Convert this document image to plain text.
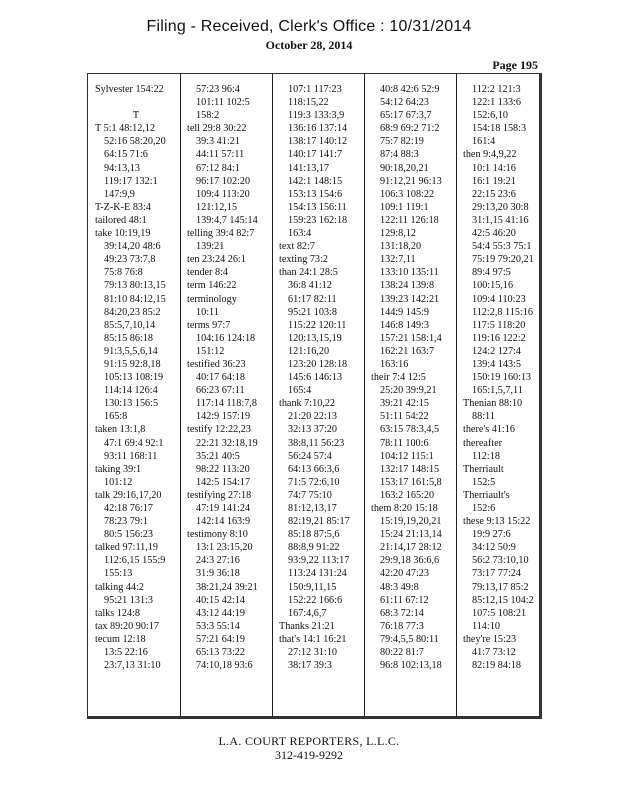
Filing - Received, Clerk's Office : 10/31/2014
October 28, 2014
Page 195
Sylvester 154:22
T
T 5:1 48:12,12
52:16 58:20,20
64:15 71:6
94:13,13
119:17 132:1
147:9,9
T-Z-K-E 83:4
tailored 48:1
take 10:19,19
39:14,20 48:6
49:23 73:7,8
75:8 76:8
79:13 80:13,15
81:10 84:12,15
84:20,23 85:2
85:5,7,10,14
85:15 86:18
91:3,5,5,6,14
91:15 92:8,18
105:13 108:19
114:14 126:4
130:13 156:5
165:8
taken 13:1,8
47:1 69:4 92:1
93:11 168:11
taking 39:1
101:12
talk 29:16,17,20
42:18 76:17
78:23 79:1
80:5 156:23
talked 97:11,19
112:6,15 155:9
155:13
talking 44:2
95:21 131:3
talks 124:8
tax 89:20 90:17
tecum 12:18
13:5 22:16
23:7,13 31:10
57:23 96:4
101:11 102:5
158:2
tell 29:8 30:22
39:3 41:21
44:11 57:11
67:12 84:1
96:17 102:20
109:4 113:20
121:12,15
139:4,7 145:14
telling 39:4 82:7
139:21
ten 23:24 26:1
tender 8:4
term 146:22
terminology
10:11
terms 97:7
104:16 124:18
151:12
testified 36:23
40:17 64:18
66:23 67:11
117:14 118:7,8
142:9 157:19
testify 12:22,23
22:21 32:18,19
35:21 40:5
98:22 113:20
142:5 154:17
testifying 27:18
47:19 141:24
142:14 163:9
testimony 8:10
13:1 23:15,20
24:3 27:16
31:9 36:18
38:21,24 39:21
40:15 42:14
43:12 44:19
53:3 55:14
57:21 64:19
65:13 73:22
74:10,18 93:6
107:1 117:23
118:15,22
119:3 133:3,9
136:16 137:14
138:17 140:12
140:17 141:7
141:13,17
142:1 148:15
153:13 154:6
154:13 156:11
159:23 162:18
163:4
text 82:7
texting 73:2
than 24:1 28:5
36:8 41:12
61:17 82:11
95:21 103:8
115:22 120:11
120:13,15,19
121:16,20
123:20 128:18
145:6 146:13
165:4
thank 7:10,22
21:20 22:13
32:13 37:20
38:8,11 56:23
56:24 57:4
64:13 66:3,6
71:5 72:6,10
74:7 75:10
81:12,13,17
82:19,21 85:17
85:18 87:5,6
88:8,9 91:22
93:9,22 113:17
113:24 131:24
150:9,11,15
152:22 166:6
167:4,6,7
Thanks 21:21
that's 14:1 16:21
27:12 31:10
38:17 39:3
40:8 42:6 52:9
54:12 64:23
65:17 67:3,7
68:9 69:2 71:2
75:7 82:19
87:4 88:3
90:18,20,21
91:12,21 96:13
106:3 108:22
109:1 119:1
122:11 126:18
129:8,12
131:18,20
132:7,11
133:10 135:11
138:24 139:8
139:23 142:21
144:9 145:9
146:8 149:3
157:21 158:1,4
162:21 163:7
163:16
their 7:4 12:5
25:20 39:9,21
39:21 42:15
51:11 54:22
63:15 78:3,4,5
78:11 100:6
104:12 115:1
132:17 148:15
153:17 161:5,8
163:2 165:20
them 8:20 15:18
15:19,19,20,21
15:24 21:13,14
21:14,17 28:12
29:9,18 36:6,6
42:20 47:23
48:3 49:8
61:11 67:12
68:3 72:14
76:18 77:3
79:4,5,5 80:11
80:22 81:7
96:8 102:13,18
112:2 121:3
122:1 133:6
152:6,10
154:18 158:3
161:4
then 9:4,9,22
10:1 14:16
16:1 19:21
22:15 23:6
29:13,20 30:8
31:1,15 41:16
42:5 46:20
54:4 55:3 75:1
75:19 79:20,21
89:4 97:5
100:15,16
109:4 110:23
112:2,8 115:16
117:5 118:20
119:16 122:2
124:2 127:4
139:4 143:5
150:19 160:13
165:1,5,7,11
Thenian 88:10
88:11
there's 41:16
thereafter
112:18
Therriault
152:5
Therriault's
152:6
these 9:13 15:22
19:9 27:6
34:12 50:9
56:2 73:10,10
73:17 77:24
79:13,17 85:2
85:12,15 104:2
107:5 108:21
114:10
they're 15:23
41:7 73:12
82:19 84:18
L.A. COURT REPORTERS, L.L.C.
312-419-9292
